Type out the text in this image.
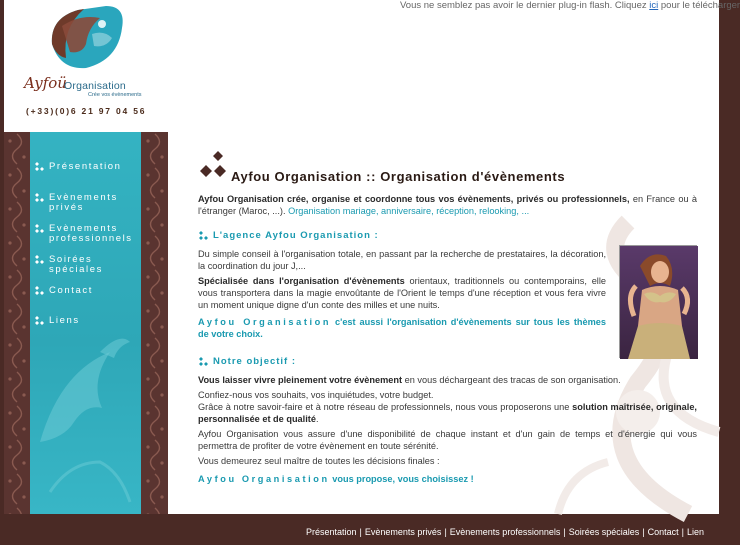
Vous ne semblez pas avoir le dernier plug-in flash. Cliquez ici pour le télécharger
Ayfoü
Organisation
Crée vos évènements
(+33)(0)6 21 97 04 56
Présentation
Evènements
privés
Evènements
professionnels
Soirées
spéciales
Contact
Liens
Ayfou Organisation :: Organisation d'évènements
Ayfou Organisation crée, organise et coordonne tous vos évènements, privés ou professionnels, en France ou à l'étranger (Maroc, ...). Organisation mariage, anniversaire, réception, relooking, ...
L'agence Ayfou Organisation :
Du simple conseil à l'organisation totale, en passant par la recherche de prestataires, la décoration, la coordination du jour J,...
Spécialisée dans l'organisation d'évènements orientaux, traditionnels ou contemporains, elle vous transportera dans la magie envoûtante de l'Orient le temps d'une réception et vous fera vivre un moment unique digne d'un conte des milles et une nuits.
Ayfou Organisation c'est aussi l'organisation d'évènements sur tous les thèmes de votre choix.
Notre objectif :
Vous laisser vivre pleinement votre évènement en vous déchargeant des tracas de son organisation.
Confiez-nous vos souhaits, vos inquiétudes, votre budget.
Grâce à notre savoir-faire et à notre réseau de professionnels, nous vous proposerons une solution maîtrisée, originale, personnalisée et de qualité.
Ayfou Organisation vous assure d'une disponibilité de chaque instant et d'un gain de temps et d'énergie qui vous permettra de profiter de votre évènement en toute sérénité.
Vous demeurez seul maître de toutes les décisions finales :
Ayfou Organisation vous propose, vous choisissez !
Présentation | Evènements privés | Evènements professionnels | Soirées spéciales | Contact | Lien
